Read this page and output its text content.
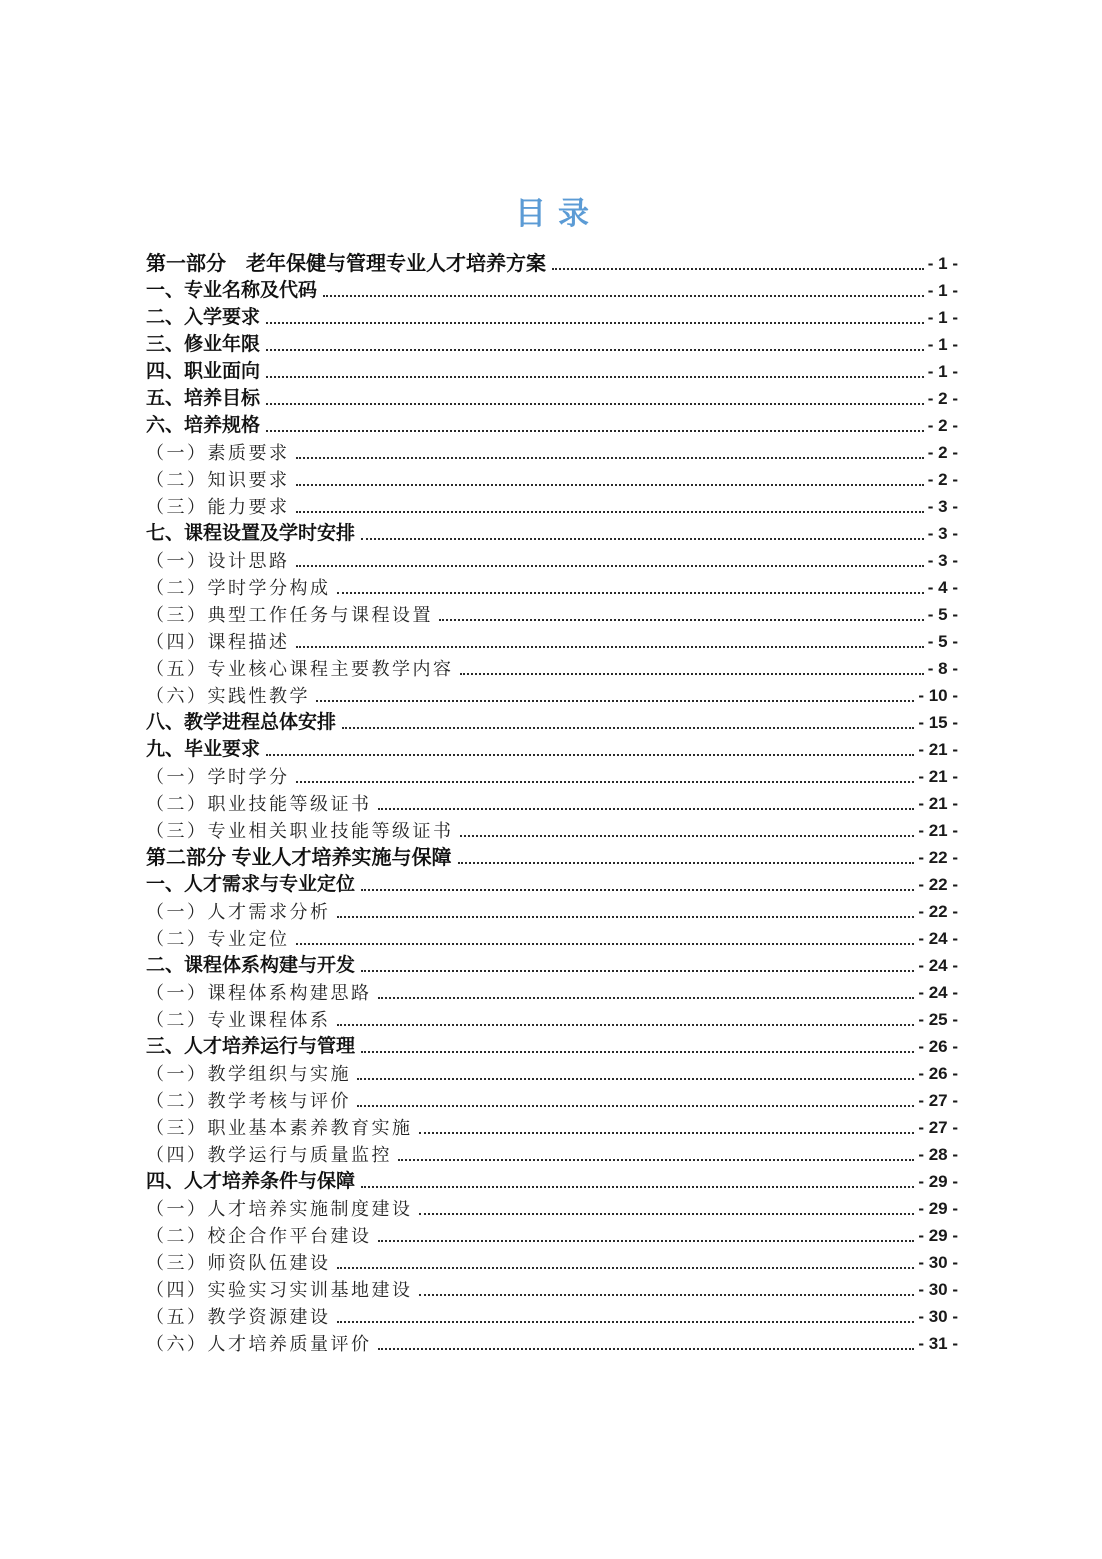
目录
第一部分　老年保健与管理专业人才培养方案	- 1 -
一、专业名称及代码	- 1 -
二、入学要求	- 1 -
三、修业年限	- 1 -
四、职业面向	- 1 -
五、培养目标	- 2 -
六、培养规格	- 2 -
（一）素质要求	- 2 -
（二）知识要求	- 2 -
（三）能力要求	- 3 -
七、课程设置及学时安排	- 3 -
（一）设计思路	- 3 -
（二）学时学分构成	- 4 -
（三）典型工作任务与课程设置	- 5 -
（四）课程描述	- 5 -
（五）专业核心课程主要教学内容	- 8 -
（六）实践性教学	- 10 -
八、教学进程总体安排	- 15 -
九、毕业要求	- 21 -
（一）学时学分	- 21 -
（二）职业技能等级证书	- 21 -
（三）专业相关职业技能等级证书	- 21 -
第二部分 专业人才培养实施与保障	- 22 -
一、人才需求与专业定位	- 22 -
（一）人才需求分析	- 22 -
（二）专业定位	- 24 -
二、课程体系构建与开发	- 24 -
（一）课程体系构建思路	- 24 -
（二）专业课程体系	- 25 -
三、人才培养运行与管理	- 26 -
（一）教学组织与实施	- 26 -
（二）教学考核与评价	- 27 -
（三）职业基本素养教育实施	- 27 -
（四）教学运行与质量监控	- 28 -
四、人才培养条件与保障	- 29 -
（一）人才培养实施制度建设	- 29 -
（二）校企合作平台建设	- 29 -
（三）师资队伍建设	- 30 -
（四）实验实习实训基地建设	- 30 -
（五）教学资源建设	- 30 -
（六）人才培养质量评价	- 31 -
